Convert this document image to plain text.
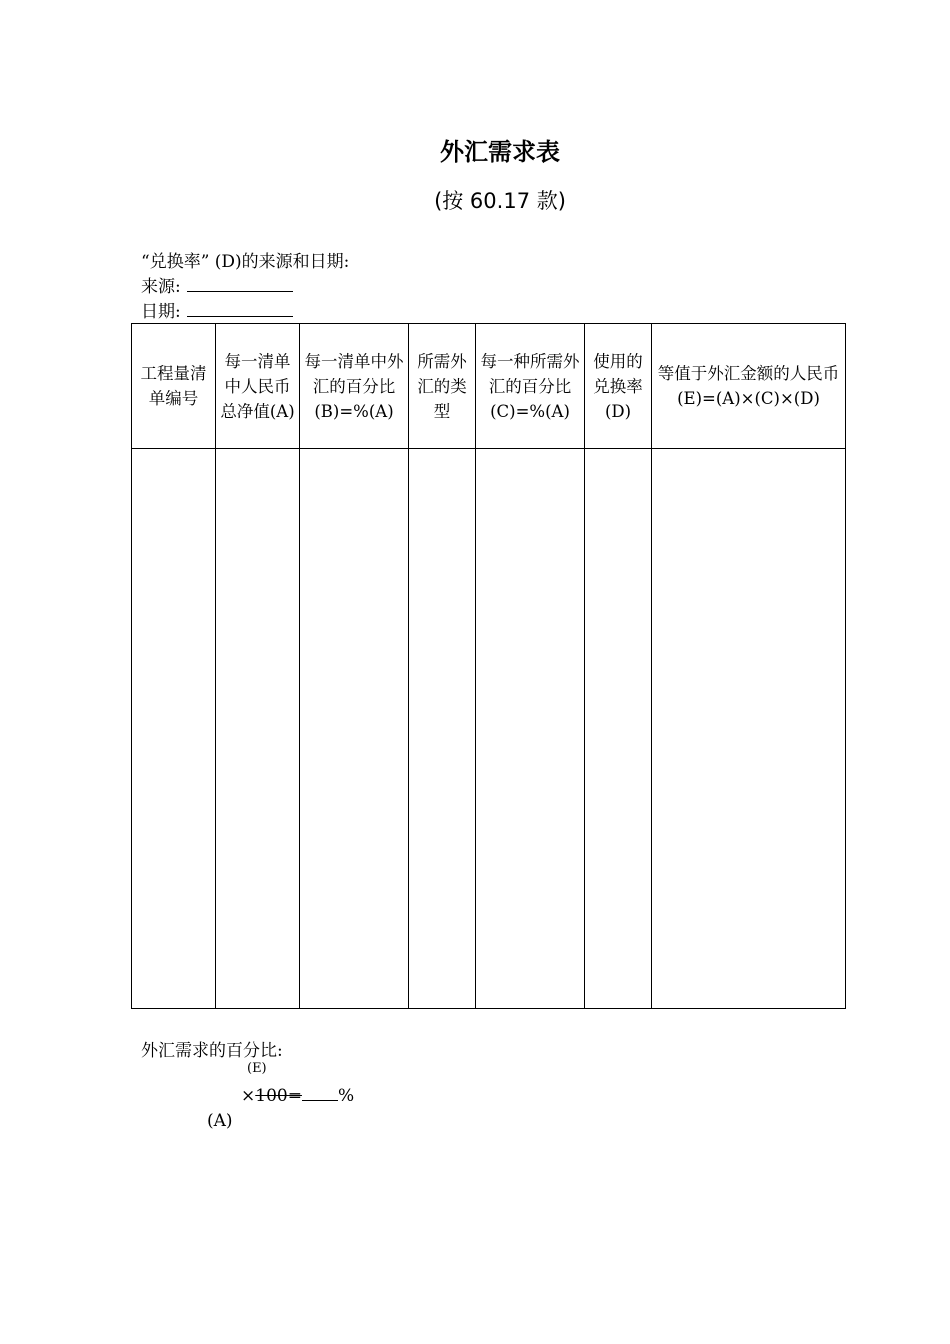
外汇需求表
(按 60.17 款)
“兑换率” (D)的来源和日期:
来源:
日期:
工程量清单编号	每一清单中人民币总净值(A)	每一清单中外汇的百分比(B)=%(A)	所需外汇的类型	每一种所需外汇的百分比(C)=%(A)	使用的兑换率(D)	等值于外汇金额的人民币(E)=(A)×(C)×(D)

外汇需求的百分比:
(E)
×100= %
(A)
